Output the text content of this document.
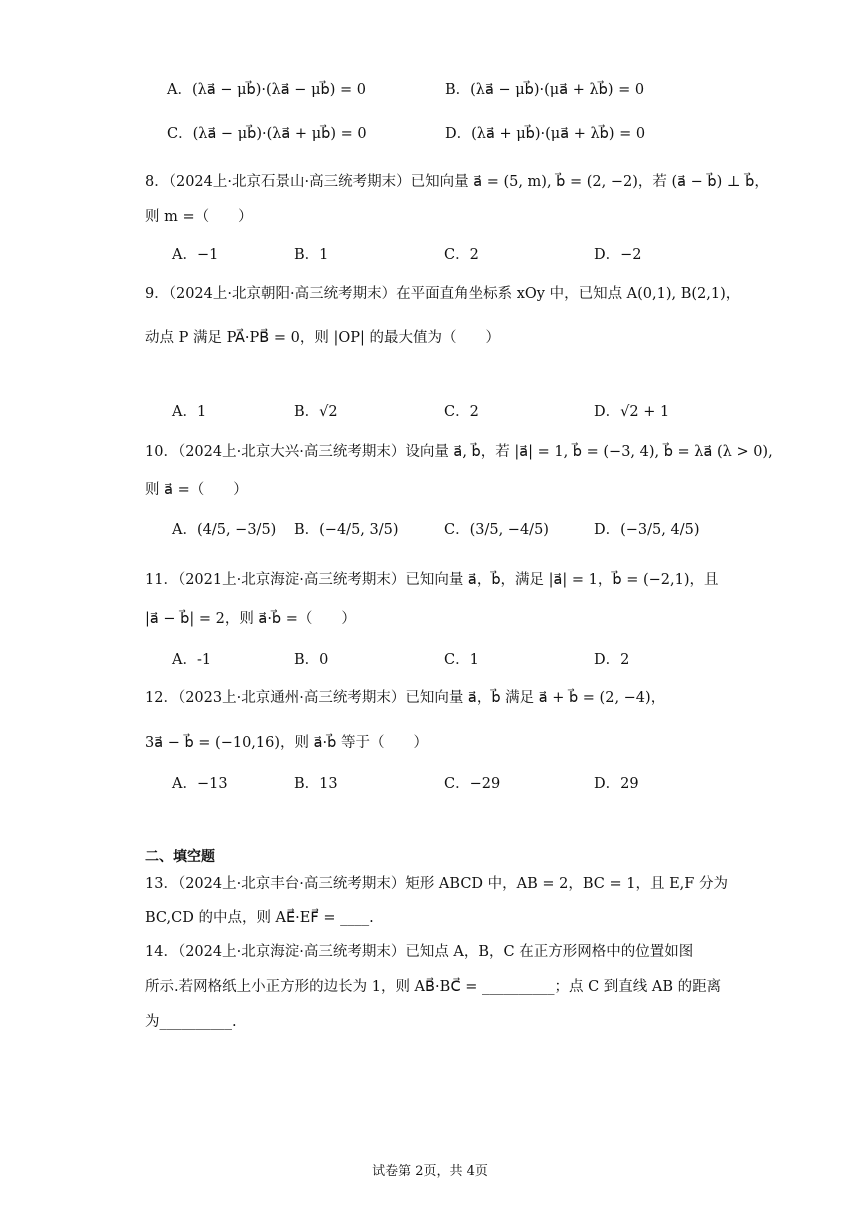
A．(λa⃗ − μb⃗)·(λa⃗ − μb⃗) = 0	B．(λa⃗ − μb⃗)·(μa⃗ + λb⃗) = 0
C．(λa⃗ − μb⃗)·(λa⃗ + μb⃗) = 0	D．(λa⃗ + μb⃗)·(μa⃗ + λb⃗) = 0
8．（2024上·北京石景山·高三统考期末）已知向量 a⃗ = (5, m), b⃗ = (2, −2)，若 (a⃗ − b⃗) ⊥ b⃗，
则 m =（　　）
A．−1	B．1	C．2	D．−2
9．（2024上·北京朝阳·高三统考期末）在平面直角坐标系 xOy 中，已知点 A(0,1), B(2,1)，
动点 P 满足 PA⃗·PB⃗ = 0，则 |OP| 的最大值为（　　）
A．1	B．√2	C．2	D．√2 + 1
10．（2024上·北京大兴·高三统考期末）设向量 a⃗, b⃗，若 |a⃗| = 1, b⃗ = (−3, 4), b⃗ = λa⃗ (λ > 0),
则 a⃗ =（　　）
A．(4/5, −3/5) B．(−4/5, 3/5)	C．(3/5, −4/5)	D．(−3/5, 4/5)
11．（2021上·北京海淀·高三统考期末）已知向量 a⃗，b⃗，满足 |a⃗| = 1，b⃗ = (−2,1)，且
|a⃗ − b⃗| = 2，则 a⃗·b⃗ =（　　）
A．-1	B．0	C．1	D．2
12．（2023上·北京通州·高三统考期末）已知向量 a⃗，b⃗ 满足 a⃗ + b⃗ = (2, −4)，
3a⃗ − b⃗ = (−10,16)，则 a⃗·b⃗ 等于（　　）
A．−13	B．13	C．−29	D．29
二、填空题
13．（2024上·北京丰台·高三统考期末）矩形 ABCD 中，AB = 2，BC = 1，且 E,F 分为
BC,CD 的中点，则 AE⃗·EF⃗ = ____.
14．（2024上·北京海淀·高三统考期末）已知点 A，B，C 在正方形网格中的位置如图
所示.若网格纸上小正方形的边长为 1，则 AB⃗·BC⃗ = __________；点 C 到直线 AB 的距离
为__________.
试卷第 2页，共 4页
